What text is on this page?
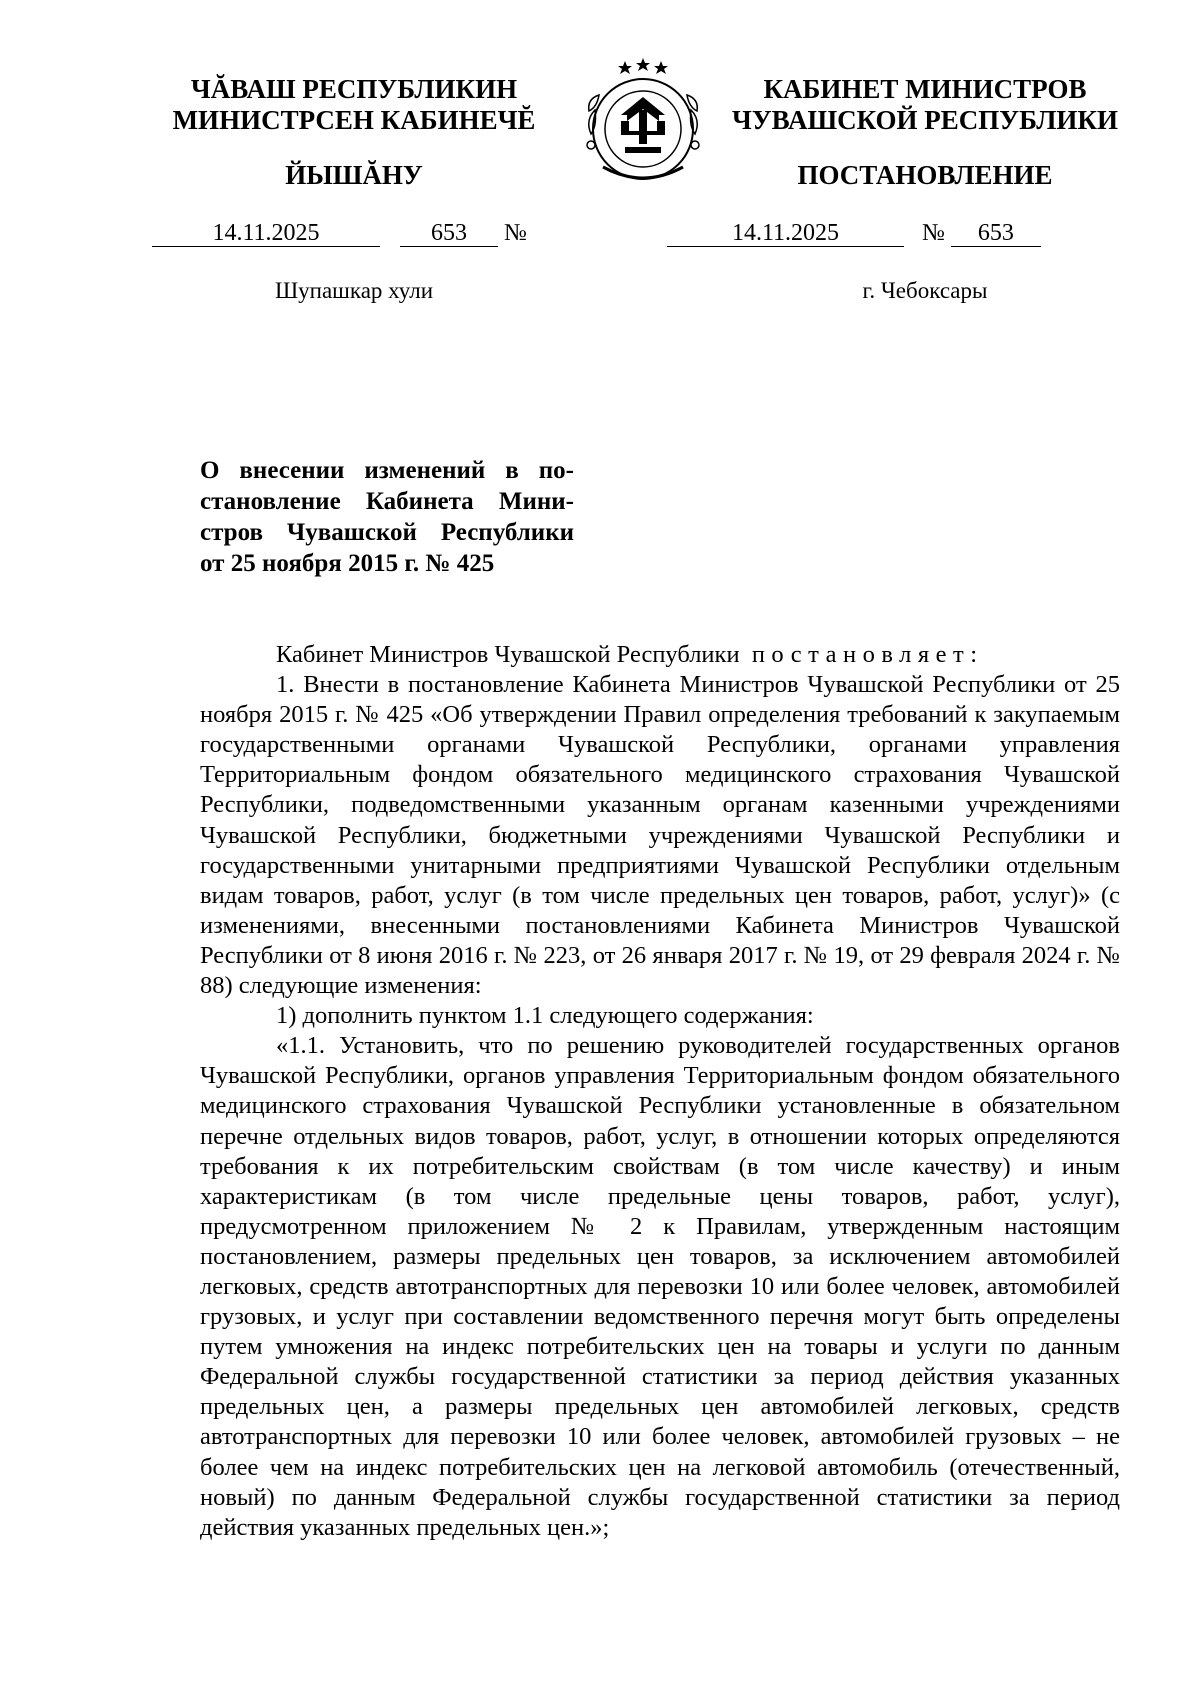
ЧĂВАШ РЕСПУБЛИКИН
МИНИСТРСЕН КАБИНЕЧĔ
ЙЫШĂНУ
КАБИНЕТ МИНИСТРОВ
ЧУВАШСКОЙ РЕСПУБЛИКИ
ПОСТАНОВЛЕНИЕ
14.11.2025	653 №	14.11.2025	№ 653
Шупашкар хули	г. Чебоксары
О внесении изменений в по-
становление Кабинета Мини-
стров Чувашской Республики
от 25 ноября 2015 г. № 425

Кабинет Министров Чувашской Республики постановляет:

1. Внести в постановление Кабинета Министров Чувашской Республики от 25 ноября 2015 г. № 425 «Об утверждении Правил определения требований к закупаемым государственными органами Чувашской Республики, органами управления Территориальным фондом обязательного медицинского страхования Чувашской Республики, подведомственными указанным органам казенными учреждениями Чувашской Республики, бюджетными учреждениями Чувашской Республики и государственными унитарными предприятиями Чувашской Республики отдельным видам товаров, работ, услуг (в том числе предельных цен товаров, работ, услуг)» (с изменениями, внесенными постановлениями Кабинета Министров Чувашской Республики от 8 июня 2016 г. № 223, от 26 января 2017 г. № 19, от 29 февраля 2024 г. № 88) следующие изменения:

1) дополнить пунктом 1.1 следующего содержания:

«1.1. Установить, что по решению руководителей государственных органов Чувашской Республики, органов управления Территориальным фондом обязательного медицинского страхования Чувашской Республики установленные в обязательном перечне отдельных видов товаров, работ, услуг, в отношении которых определяются требования к их потребительским свойствам (в том числе качеству) и иным характеристикам (в том числе предельные цены товаров, работ, услуг), предусмотренном приложением № 2 к Правилам, утвержденным настоящим постановлением, размеры предельных цен товаров, за исключением автомобилей легковых, средств автотранспортных для перевозки 10 или более человек, автомобилей грузовых, и услуг при составлении ведомственного перечня могут быть определены путем умножения на индекс потребительских цен на товары и услуги по данным Федеральной службы государственной статистики за период действия указанных предельных цен, а размеры предельных цен автомобилей легковых, средств автотранспортных для перевозки 10 или более человек, автомобилей грузовых – не более чем на индекс потребительских цен на легковой автомобиль (отечественный, новый) по данным Федеральной службы государственной статистики за период действия указанных предельных цен.»;
